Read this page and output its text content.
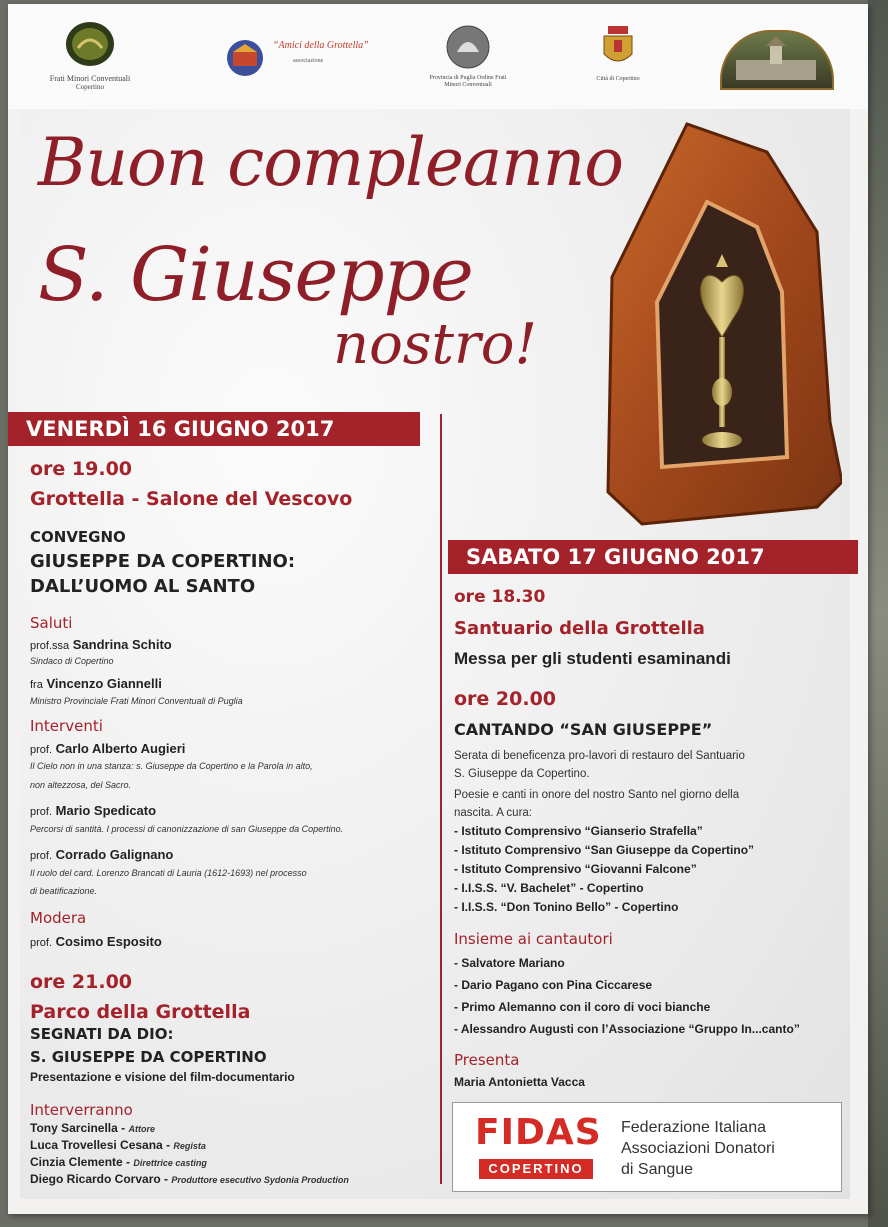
Frati Minori Conventuali
Copertino
“Amici della Grottella”
associazione
Provincia di Puglia Ordine Frati Minori Conventuali
Città di Copertino
Buon compleanno
S. Giuseppe
nostro!
VENERDÌ 16 GIUGNO 2017
ore 19.00
Grottella - Salone del Vescovo
CONVEGNO
GIUSEPPE DA COPERTINO:
DALL’UOMO AL SANTO
Saluti
prof.ssa Sandrina Schito
Sindaco di Copertino
fra Vincenzo Giannelli
Ministro Provinciale Frati Minori Conventuali di Puglia
Interventi
prof. Carlo Alberto Augieri
Il Cielo non in una stanza: s. Giuseppe da Copertino e la Parola in alto,
non altezzosa, del Sacro.
prof. Mario Spedicato
Percorsi di santità. I processi di canonizzazione di san Giuseppe da Copertino.
prof. Corrado Galignano
Il ruolo del card. Lorenzo Brancati di Lauria (1612-1693) nel processo
di beatificazione.
Modera
prof. Cosimo Esposito
ore 21.00
Parco della Grottella
SEGNATI DA DIO:
S. GIUSEPPE DA COPERTINO
Presentazione e visione del film-documentario
Interverranno
Tony Sarcinella - Attore
Luca Trovellesi Cesana - Regista
Cinzia Clemente - Direttrice casting
Diego Ricardo Corvaro - Produttore esecutivo Sydonia Production
SABATO 17 GIUGNO 2017
ore 18.30
Santuario della Grottella
Messa per gli studenti esaminandi
ore 20.00
CANTANDO “SAN GIUSEPPE”
Serata di beneficenza pro-lavori di restauro del Santuario
S. Giuseppe da Copertino.
Poesie e canti in onore del nostro Santo nel giorno della
nascita. A cura:
- Istituto Comprensivo “Gianserio Strafella”
- Istituto Comprensivo “San Giuseppe da Copertino”
- Istituto Comprensivo “Giovanni Falcone”
- I.I.S.S. “V. Bachelet” - Copertino
- I.I.S.S. “Don Tonino Bello” - Copertino
Insieme ai cantautori
- Salvatore Mariano
- Dario Pagano con Pina Ciccarese
- Primo Alemanno con il coro di voci bianche
- Alessandro Augusti con l’Associazione “Gruppo In...canto”
Presenta
Maria Antonietta Vacca
FIDAS
COPERTINO
Federazione Italiana
Associazioni Donatori
di Sangue
